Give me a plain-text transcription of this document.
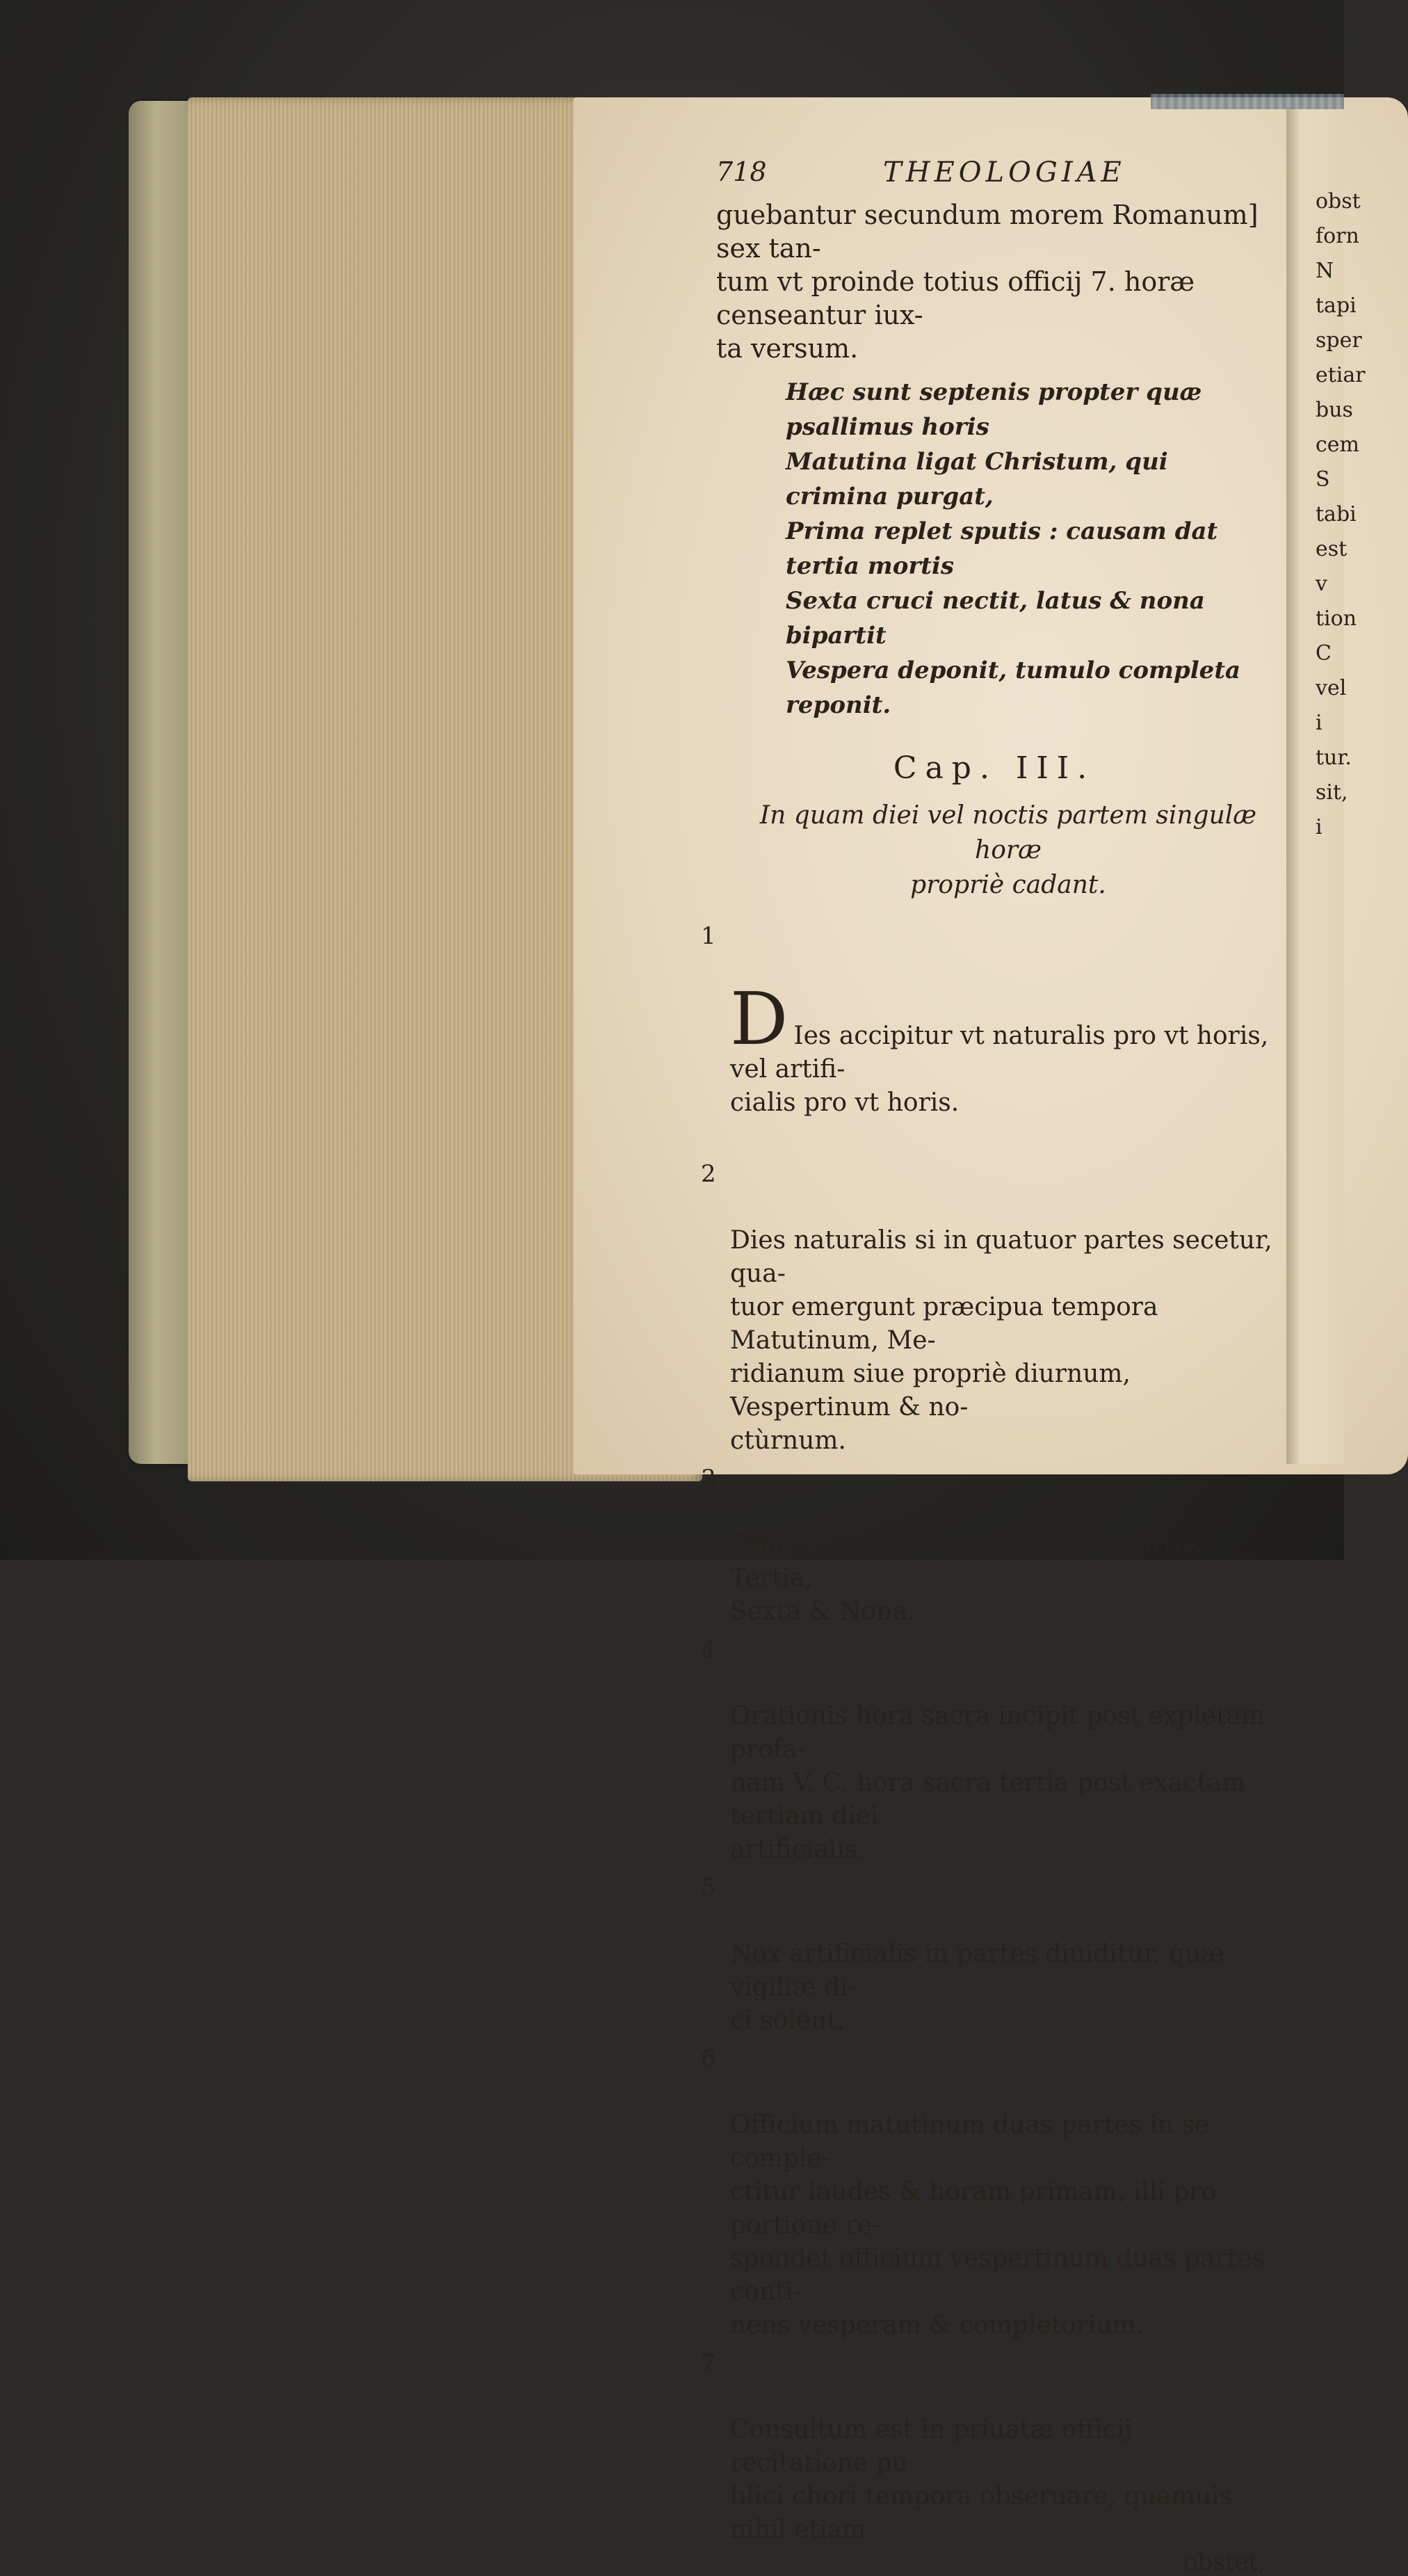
718	THEOLOGIAE
guebantur secundum morem Romanum] sex tan-
tum vt proinde totius officij 7. horæ censeantur iux-
ta versum.
Hæc sunt septenis propter quæ psallimus horis
Matutina ligat Christum, qui crimina purgat,
Prima replet sputis : causam dat tertia mortis
Sexta cruci nectit, latus & nona bipartit
Vespera deponit, tumulo completa reponit.
Cap. III.
In quam diei vel noctis partem singulæ horæ
propriè cadant.

1

D Ies accipitur vt naturalis pro vt horis, vel artifi-
cialis pro vt horis.

2

Dies naturalis si in quatuor partes secetur, qua-
tuor emergunt præcipua tempora Matutinum, Me-
ridianum siue propriè diurnum, Vespertinum & no-
ctùrnum.

3

Officij propriè diurni tres sunt partes. Tertia,
Sexta & Nona.

4

Orationis hora sacra incipit post expletam profa-
nam V. C. hora sacra tertia post exactam tertiam diei
artificialis.

5

Nox artificialis in partes diuiditur, quæ vigiliæ di-
ci solent.

6

Officium matutinum duas partes in se comple-
ctitur laudes & horam primam, illi pro portione re-
spondet officium vespertinum duas partes conti-
nens vesperam & completorium.

7

Consultum est in priuatæ officij recitatione pu-
blici chori tempora obseruare, quamuis nihil etiam

obstet,
obst
forn
N
tapi
sper
etiar
bus
cem
S
tabi
est v
tion
C
vel i
tur.
sit, i
